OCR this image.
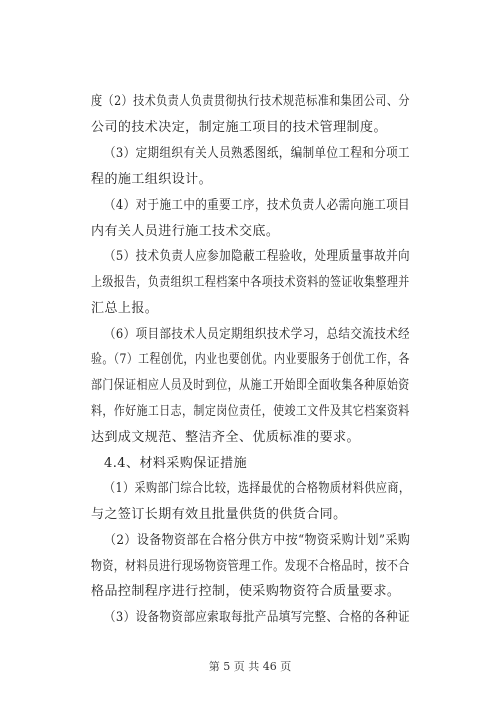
度（2）技术负责人负责贯彻执行技术规范标准和集团公司、分
公司的技术决定，制定施工项目的技术管理制度。
（3）定期组织有关人员熟悉图纸，编制单位工程和分项工
程的施工组织设计。
（4）对于施工中的重要工序，技术负责人必需向施工项目
内有关人员进行施工技术交底。
（5）技术负责人应参加隐蔽工程验收，处理质量事故并向
上级报告，负责组织工程档案中各项技术资料的签证收集整理并
汇总上报。
（6）项目部技术人员定期组织技术学习，总结交流技术经
验。（7）工程创优，内业也要创优。内业要服务于创优工作，各
部门保证相应人员及时到位，从施工开始即全面收集各种原始资
料，作好施工日志，制定岗位责任，使竣工文件及其它档案资料
达到成文规范、整洁齐全、优质标准的要求。
4.4、材料采购保证措施
（1）采购部门综合比较，选择最优的合格物质材料供应商，
与之签订长期有效且批量供货的供货合同。
（2）设备物资部在合格分供方中按“物资采购计划”采购
物资，材料员进行现场物资管理工作。发现不合格品时，按不合
格品控制程序进行控制，使采购物资符合质量要求。
（3）设备物资部应索取每批产品填写完整、合格的各种证
第 5 页 共 46 页
